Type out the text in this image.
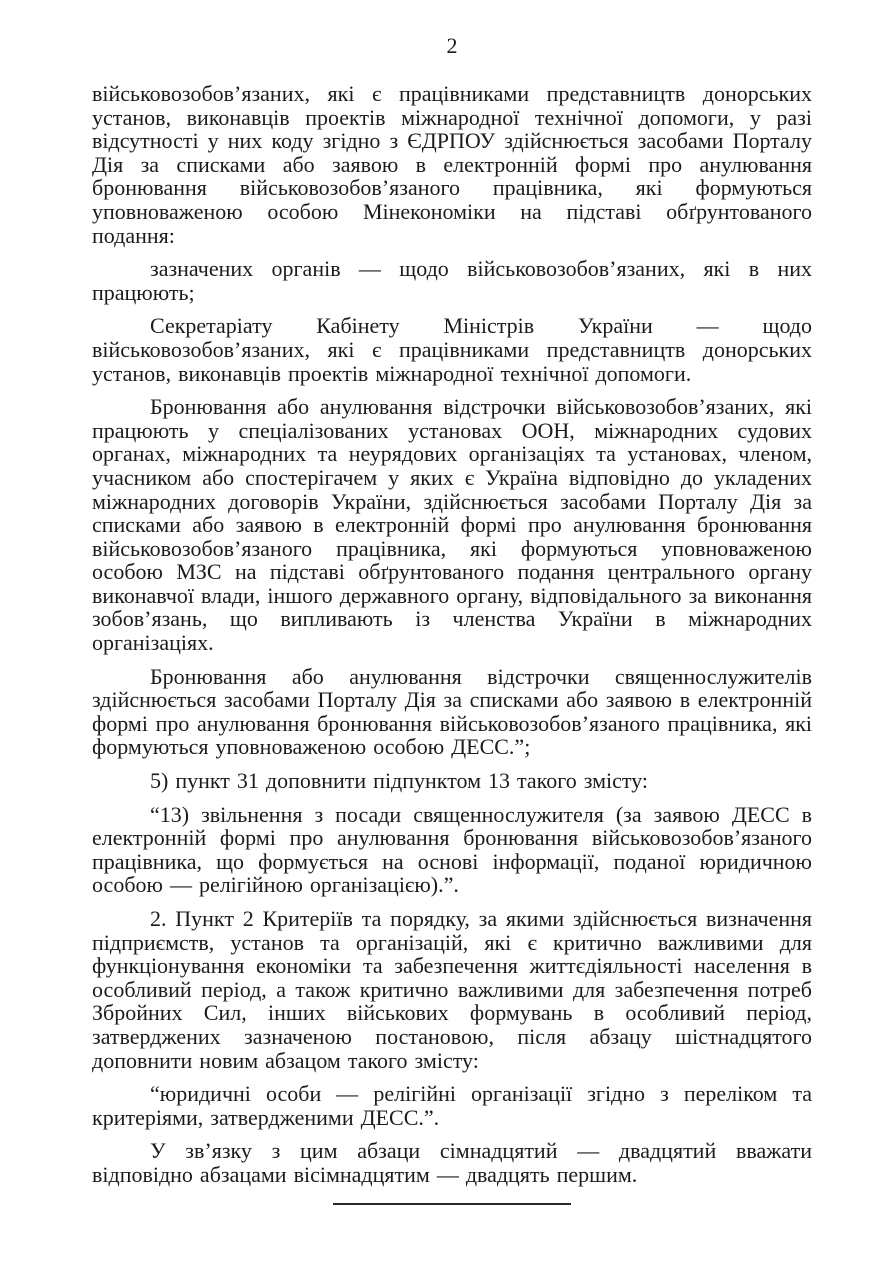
2

військовозобов’язаних, які є працівниками представництв донорських установ, виконавців проектів міжнародної технічної допомоги, у разі відсутності у них коду згідно з ЄДРПОУ здійснюється засобами Порталу Дія за списками або заявою в електронній формі про анулювання бронювання військовозобов’язаного працівника, які формуються уповноваженою особою Мінекономіки на підставі обґрунтованого подання:

зазначених органів — щодо військовозобов’язаних, які в них працюють;

Секретаріату Кабінету Міністрів України — щодо військовозобов’язаних, які є працівниками представництв донорських установ, виконавців проектів міжнародної технічної допомоги.

Бронювання або анулювання відстрочки військовозобов’язаних, які працюють у спеціалізованих установах ООН, міжнародних судових органах, міжнародних та неурядових організаціях та установах, членом, учасником або спостерігачем у яких є Україна відповідно до укладених міжнародних договорів України, здійснюється засобами Порталу Дія за списками або заявою в електронній формі про анулювання бронювання військовозобов’язаного працівника, які формуються уповноваженою особою МЗС на підставі обґрунтованого подання центрального органу виконавчої влади, іншого державного органу, відповідального за виконання зобов’язань, що випливають із членства України в міжнародних організаціях.

Бронювання або анулювання відстрочки священнослужителів здійснюється засобами Порталу Дія за списками або заявою в електронній формі про анулювання бронювання військовозобов’язаного працівника, які формуються уповноваженою особою ДЕСС.”;

5) пункт 31 доповнити підпунктом 13 такого змісту:

“13) звільнення з посади священнослужителя (за заявою ДЕСС в електронній формі про анулювання бронювання військовозобов’язаного працівника, що формується на основі інформації, поданої юридичною особою — релігійною організацією).”.

2. Пункт 2 Критеріїв та порядку, за якими здійснюється визначення підприємств, установ та організацій, які є критично важливими для функціонування економіки та забезпечення життєдіяльності населення в особливий період, а також критично важливими для забезпечення потреб Збройних Сил, інших військових формувань в особливий період, затверджених зазначеною постановою, після абзацу шістнадцятого доповнити новим абзацом такого змісту:

“юридичні особи — релігійні організації згідно з переліком та критеріями, затвердженими ДЕСС.”.

У зв’язку з цим абзаци сімнадцятий — двадцятий вважати відповідно абзацами вісімнадцятим — двадцять першим.
